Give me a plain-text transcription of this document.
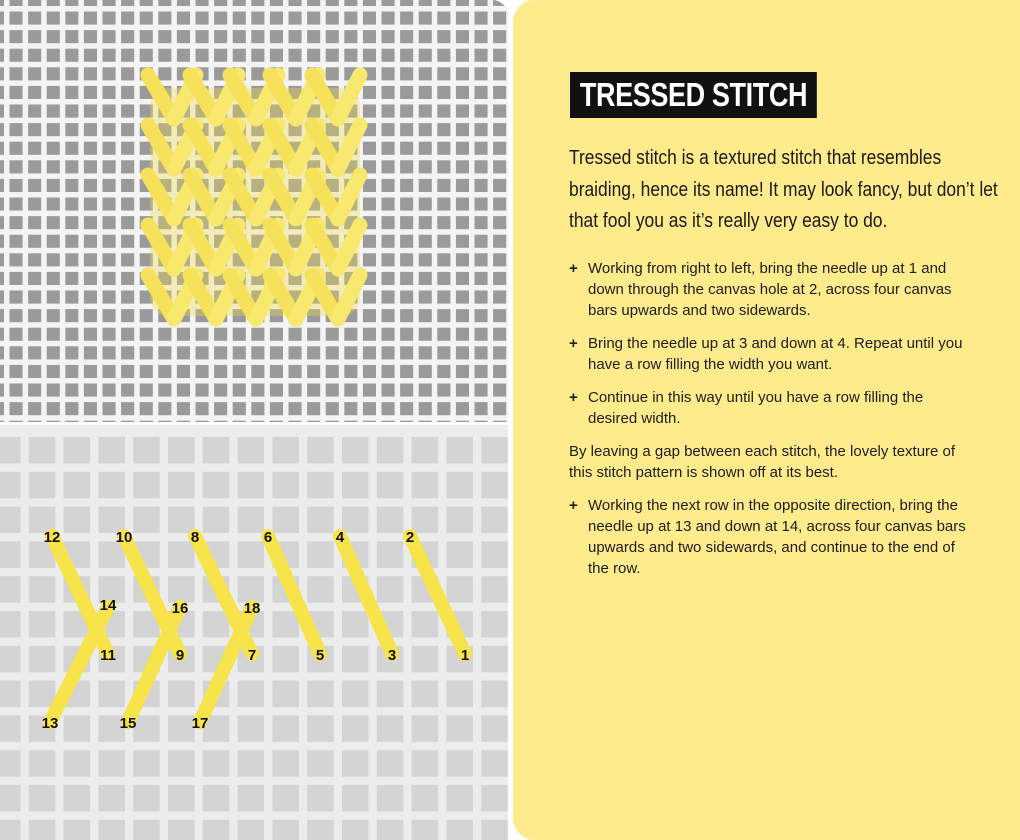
1
2
3
4
5
6
7
8
9
10
11
12
13
14
15
16
17
18
TRESSED STITCH

Tressed stitch is a textured stitch that resembles braiding, hence its name! It may look fancy, but don’t let that fool you as it’s really very easy to do.

+ Working from right to left, bring the needle up at 1 and down through the canvas hole at 2, across four canvas bars upwards and two sidewards.
+ Bring the needle up at 3 and down at 4. Repeat until you have a row filling the width you want.
+ Continue in this way until you have a row filling the desired width.

By leaving a gap between each stitch, the lovely texture of this stitch pattern is shown off at its best.

+ Working the next row in the opposite direction, bring the needle up at 13 and down at 14, across four canvas bars upwards and two sidewards, and continue to the end of the row.
